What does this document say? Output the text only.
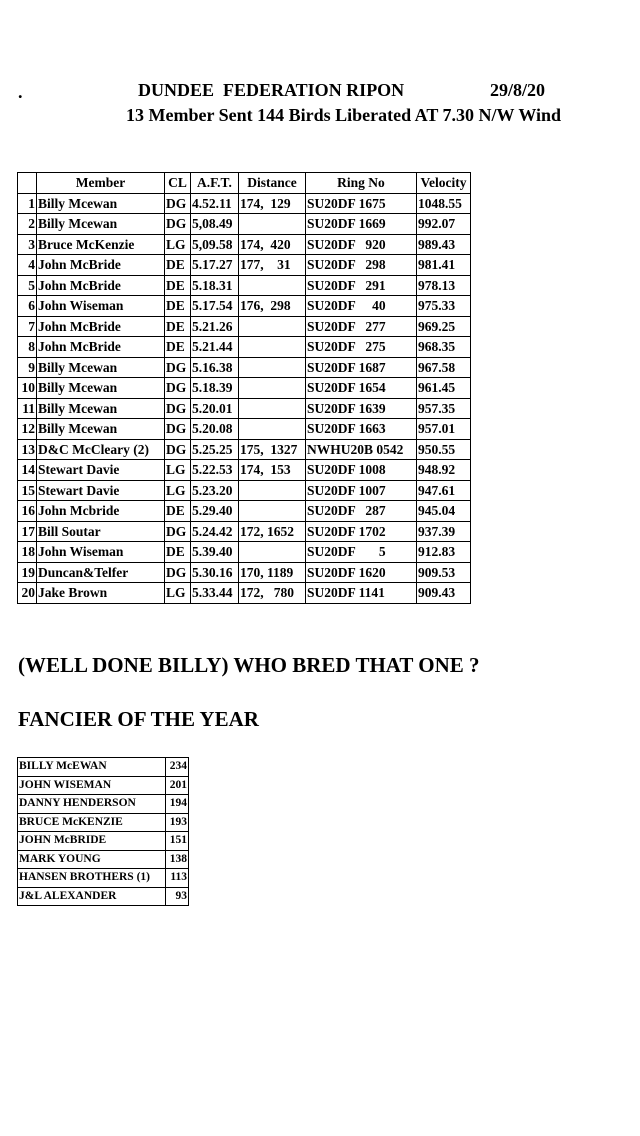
.	DUNDEE  FEDERATION RIPON	29/8/20
13 Member Sent 144 Birds Liberated AT 7.30 N/W Wind
	Member	CL	A.F.T.	Distance	Ring No	Velocity
1	Billy Mcewan	DG	4.52.11	174,  129	SU20DF 1675	1048.55
2	Billy Mcewan	DG	5,08.49		SU20DF 1669	992.07
3	Bruce McKenzie	LG	5,09.58	174,  420	SU20DF   920	989.43
4	John McBride	DE	5.17.27	177,    31	SU20DF   298	981.41
5	John McBride	DE	5.18.31		SU20DF   291	978.13
6	John Wiseman	DE	5.17.54	176,  298	SU20DF     40	975.33
7	John McBride	DE	5.21.26		SU20DF   277	969.25
8	John McBride	DE	5.21.44		SU20DF   275	968.35
9	Billy Mcewan	DG	5.16.38		SU20DF 1687	967.58
10	Billy Mcewan	DG	5.18.39		SU20DF 1654	961.45
11	Billy Mcewan	DG	5.20.01		SU20DF 1639	957.35
12	Billy Mcewan	DG	5.20.08		SU20DF 1663	957.01
13	D&C McCleary (2)	DG	5.25.25	175,  1327	NWHU20B 0542	950.55
14	Stewart Davie	LG	5.22.53	174,  153	SU20DF 1008	948.92
15	Stewart Davie	LG	5.23.20		SU20DF 1007	947.61
16	John Mcbride	DE	5.29.40		SU20DF   287	945.04
17	Bill Soutar	DG	5.24.42	172, 1652	SU20DF 1702	937.39
18	John Wiseman	DE	5.39.40		SU20DF       5	912.83
19	Duncan&Telfer	DG	5.30.16	170, 1189	SU20DF 1620	909.53
20	Jake Brown	LG	5.33.44	172,   780	SU20DF 1141	909.43
(WELL DONE BILLY) WHO BRED THAT ONE ?
FANCIER OF THE YEAR
BILLY McEWAN	234
JOHN WISEMAN	201
DANNY HENDERSON	194
BRUCE McKENZIE	193
JOHN McBRIDE	151
MARK YOUNG	138
HANSEN BROTHERS (1)	113
J&L ALEXANDER	93
